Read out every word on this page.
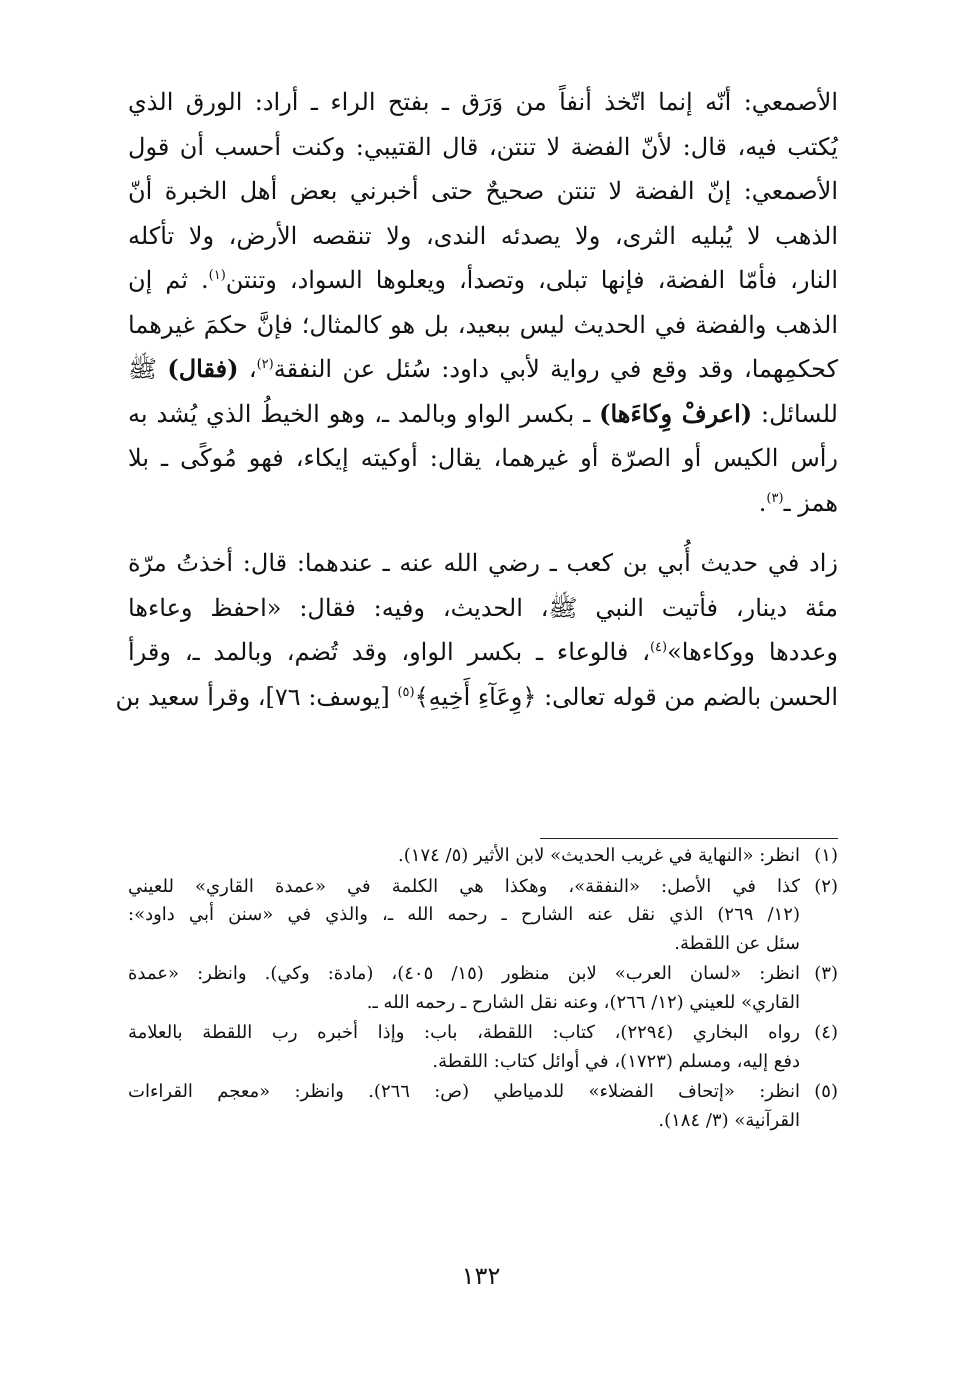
الأصمعي: أنّه إنما اتّخذ أنفاً من وَرَق ـ بفتح الراء ـ أراد: الورق الذي
يُكتب فيه، قال: لأنّ الفضة لا تنتن، قال القتيبي: وكنت أحسب أن قول
الأصمعي: إنّ الفضة لا تنتن صحيحٌ حتى أخبرني بعض أهل الخبرة أنّ
الذهب لا يُبليه الثرى، ولا يصدئه الندى، ولا تنقصه الأرض، ولا تأكله
النار، فأمّا الفضة، فإنها تبلى، وتصدأ، ويعلوها السواد، وتنتن$^{(١)}$. ثم إن
الذهب والفضة في الحديث ليس ببعيد، بل هو كالمثال؛ فإنَّ حكمَ غيرهما
كحكمِهما، وقد وقع في رواية لأبي داود: سُئل عن النفقة$^{(٢)}$، (فقال) ﷺ
للسائل: (اعرفْ وِكاءَها) ـ بكسر الواو وبالمد ـ، وهو الخيطُ الذي يُشد به
رأس الكيس أو الصرّة أو غيرهما، يقال: أوكيته إيكاء، فهو مُوكًى ـ بلا
همز ـ$^{(٣)}$.

زاد في حديث أُبي بن كعب ـ رضي الله عنه ـ عندهما: قال: أخذتُ مرّة
مئة دينار، فأتيت النبي ﷺ، الحديث، وفيه: فقال: «احفظ وعاءها
وعددها ووكاءها»$^{(٤)}$، فالوعاء ـ بكسر الواو، وقد تُضم، وبالمد ـ، وقرأ
الحسن بالضم من قوله تعالى: ﴿وِعَآءِ أَخِيهِ﴾$^{(٥)}$ [يوسف: ٧٦]، وقرأ سعيد بن

(١)
انظر: «النهاية في غريب الحديث» لابن الأثير (٥/ ١٧٤).
(٢)
كذا في الأصل: «النفقة»، وهكذا هي الكلمة في «عمدة القاري» للعيني
(١٢/ ٢٦٩) الذي نقل عنه الشارح ـ رحمه الله ـ، والذي في «سنن أبي داود»:
سئل عن اللقطة.
(٣)
انظر: «لسان العرب» لابن منظور (١٥/ ٤٠٥)، (مادة: وكي). وانظر: «عمدة
القاري» للعيني (١٢/ ٢٦٦)، وعنه نقل الشارح ـ رحمه الله ـ.
(٤)
رواه البخاري (٢٢٩٤)، كتاب: اللقطة، باب: وإذا أخبره رب اللقطة بالعلامة
دفع إليه، ومسلم (١٧٢٣)، في أوائل كتاب: اللقطة.
(٥)
انظر: «إتحاف الفضلاء» للدمياطي (ص: ٢٦٦). وانظر: «معجم القراءات
القرآنية» (٣/ ١٨٤).
١٣٢
